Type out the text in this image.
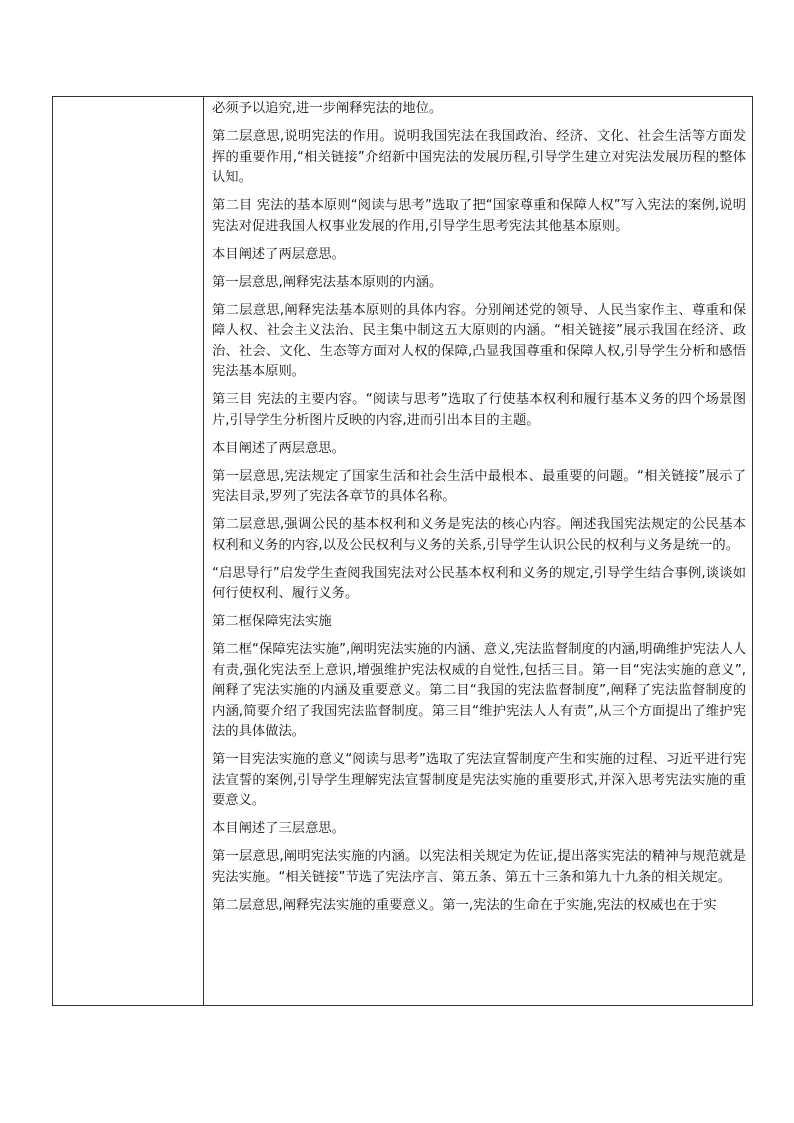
必须予以追究,进一步阐释宪法的地位。

第二层意思,说明宪法的作用。说明我国宪法在我国政治、经济、文化、社会生活等方面发挥的重要作用,“相关链接”介绍新中国宪法的发展历程,引导学生建立对宪法发展历程的整体认知。

第二目 宪法的基本原则“阅读与思考”选取了把“国家尊重和保障人权”写入宪法的案例,说明宪法对促进我国人权事业发展的作用,引导学生思考宪法其他基本原则。

本目阐述了两层意思。

第一层意思,阐释宪法基本原则的内涵。

第二层意思,阐释宪法基本原则的具体内容。分别阐述党的领导、人民当家作主、尊重和保障人权、社会主义法治、民主集中制这五大原则的内涵。“相关链接”展示我国在经济、政治、社会、文化、生态等方面对人权的保障,凸显我国尊重和保障人权,引导学生分析和感悟宪法基本原则。

第三目 宪法的主要内容。“阅读与思考”选取了行使基本权利和履行基本义务的四个场景图片,引导学生分析图片反映的内容,进而引出本目的主题。

本目阐述了两层意思。

第一层意思,宪法规定了国家生活和社会生活中最根本、最重要的问题。“相关链接”展示了宪法目录,罗列了宪法各章节的具体名称。

第二层意思,强调公民的基本权利和义务是宪法的核心内容。阐述我国宪法规定的公民基本权利和义务的内容,以及公民权利与义务的关系,引导学生认识公民的权利与义务是统一的。

“启思导行”启发学生查阅我国宪法对公民基本权利和义务的规定,引导学生结合事例,谈谈如何行使权利、履行义务。

第二框保障宪法实施

第二框“保障宪法实施”,阐明宪法实施的内涵、意义,宪法监督制度的内涵,明确维护宪法人人有责,强化宪法至上意识,增强维护宪法权威的自觉性,包括三目。第一目“宪法实施的意义”,阐释了宪法实施的内涵及重要意义。第二目“我国的宪法监督制度”,阐释了宪法监督制度的内涵,简要介绍了我国宪法监督制度。第三目“维护宪法人人有责”,从三个方面提出了维护宪法的具体做法。

第一目宪法实施的意义“阅读与思考”选取了宪法宣誓制度产生和实施的过程、习近平进行宪法宣誓的案例,引导学生理解宪法宣誓制度是宪法实施的重要形式,并深入思考宪法实施的重要意义。

本目阐述了三层意思。

第一层意思,阐明宪法实施的内涵。以宪法相关规定为佐证,提出落实宪法的精神与规范就是宪法实施。“相关链接”节选了宪法序言、第五条、第五十三条和第九十九条的相关规定。

第二层意思,阐释宪法实施的重要意义。第一,宪法的生命在于实施,宪法的权威也在于实
